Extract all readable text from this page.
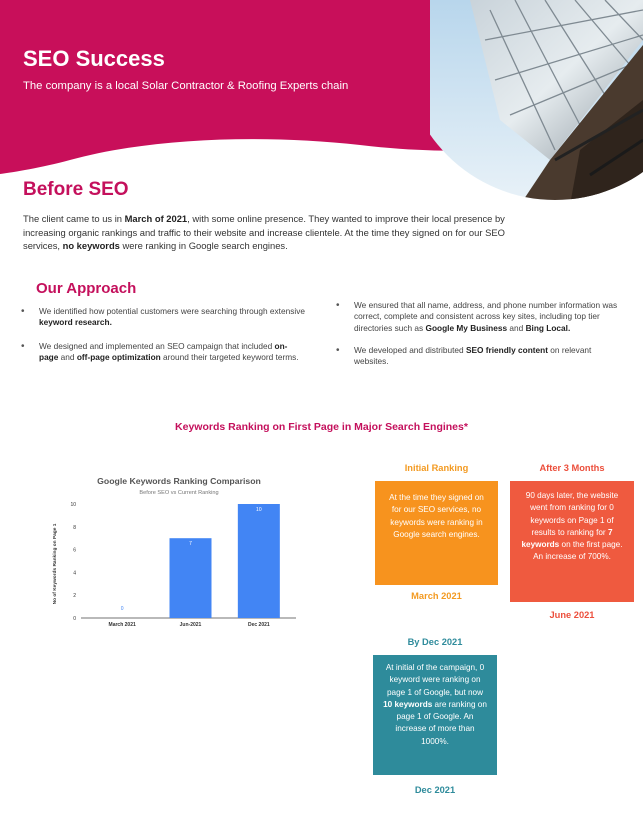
SEO Success
The company is a local Solar Contractor & Roofing Experts chain
Before SEO

The client came to us in March of 2021, with some online presence. They wanted to improve their local presence by increasing organic rankings and traffic to their website and increase clientele. At the time they signed on for our SEO services, no keywords were ranking in Google search engines.

Our Approach
• We identified how potential customers were searching through extensive keyword research.
• We designed and implemented an SEO campaign that included on-page and off-page optimization around their targeted keyword terms.
• We ensured that all name, address, and phone number information was correct, complete and consistent across key sites, including top tier directories such as Google My Business and Bing Local.
• We developed and distributed SEO friendly content on relevant websites.
Keywords Ranking on First Page in Major Search Engines*
Google Keywords Ranking Comparison
Before SEO vs Current Ranking
No of Keywords Ranking on Page 1
0
2
4
6
8
10
0
7
10
March 2021	Jun-2021	Dec 2021
Initial Ranking
At the time they signed on for our SEO services, no keywords were ranking in Google search engines.
March 2021
After 3 Months
90 days later, the website went from ranking for 0 keywords on Page 1 of results to ranking for 7 keywords on the first page. An increase of 700%.
June 2021
By Dec 2021
At initial of the campaign, 0 keyword were ranking on page 1 of Google, but now 10 keywords are ranking on page 1 of Google. An increase of more than 1000%.
Dec 2021
